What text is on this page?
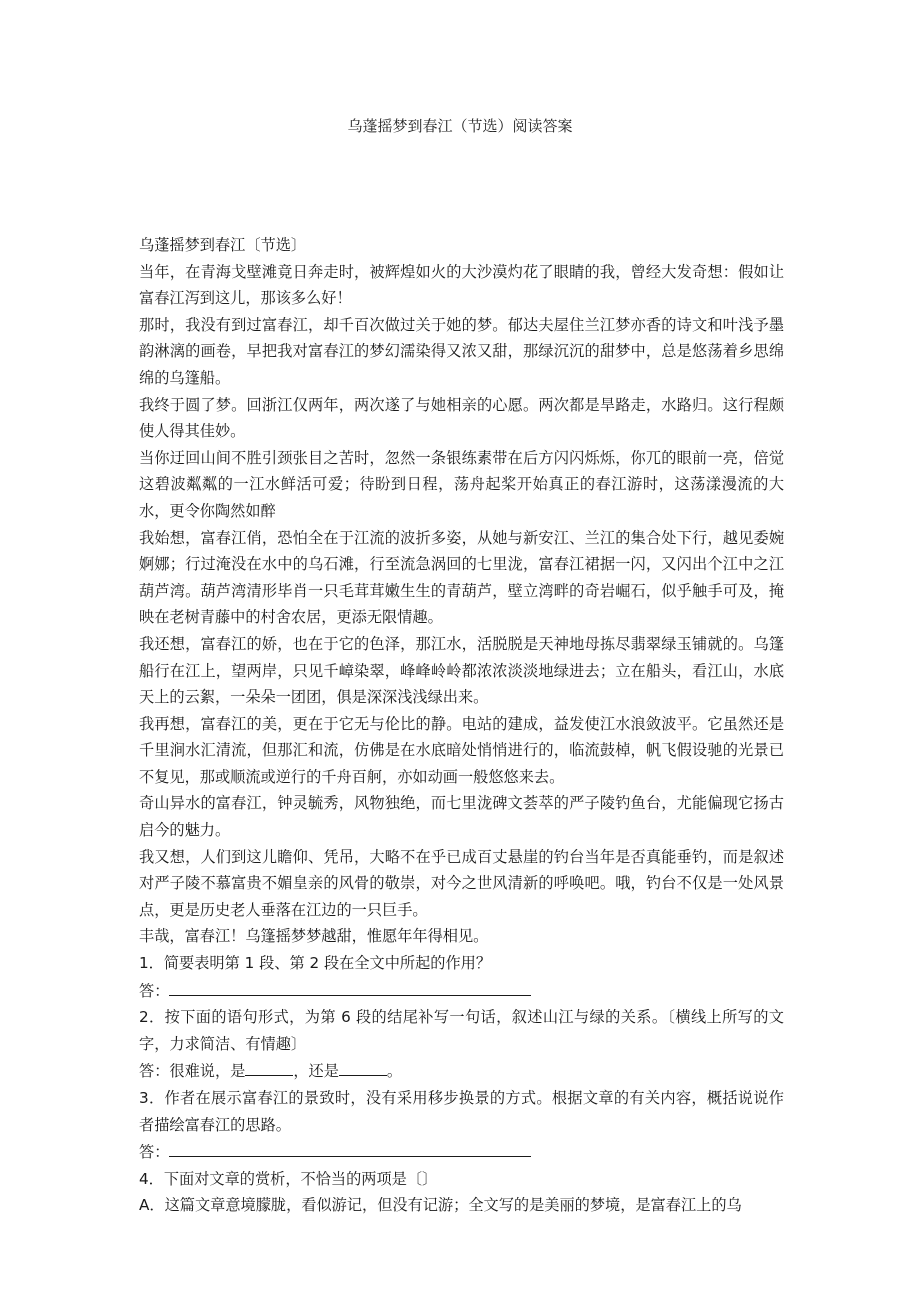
乌蓬摇梦到春江（节选）阅读答案

乌蓬摇梦到春江〔节选〕

当年，在青海戈壁滩竟日奔走时，被辉煌如火的大沙漠灼花了眼睛的我，曾经大发奇想：假如让富春江泻到这儿，那该多么好！

那时，我没有到过富春江，却千百次做过关于她的梦。郁达夫屋住兰江梦亦香的诗文和叶浅予墨韵淋漓的画卷，早把我对富春江的梦幻濡染得又浓又甜，那绿沉沉的甜梦中，总是悠荡着乡思绵绵的乌篷船。

我终于圆了梦。回浙江仅两年，两次遂了与她相亲的心愿。两次都是旱路走，水路归。这行程颇使人得其佳妙。

当你迂回山间不胜引颈张目之苦时，忽然一条银练素带在后方闪闪烁烁，你兀的眼前一亮，倍觉这碧波粼粼的一江水鲜活可爱；待盼到日程，荡舟起桨开始真正的春江游时，这荡漾漫流的大水，更令你陶然如醉

我始想，富春江俏，恐怕全在于江流的波折多姿，从她与新安江、兰江的集合处下行，越见委婉婀娜；行过淹没在水中的乌石滩，行至流急涡回的七里泷，富春江裙据一闪，又闪出个江中之江葫芦湾。葫芦湾清形毕肖一只毛茸茸嫩生生的青葫芦，壁立湾畔的奇岩崛石，似乎触手可及，掩映在老树青藤中的村舍农居，更添无限情趣。

我还想，富春江的娇，也在于它的色泽，那江水，活脱脱是天神地母拣尽翡翠绿玉铺就的。乌篷船行在江上，望两岸，只见千嶂染翠，峰峰岭岭都浓浓淡淡地绿进去；立在船头，看江山，水底天上的云絮，一朵朵一团团，俱是深深浅浅绿出来。

我再想，富春江的美，更在于它无与伦比的静。电站的建成，益发使江水浪敛波平。它虽然还是千里涧水汇清流，但那汇和流，仿佛是在水底暗处悄悄进行的，临流鼓棹，帆飞假设驰的光景已不复见，那或顺流或逆行的千舟百舸，亦如动画一般悠悠来去。

奇山异水的富春江，钟灵毓秀，风物独绝，而七里泷碑文荟萃的严子陵钓鱼台，尤能偏现它扬古启今的魅力。

我又想，人们到这儿瞻仰、凭吊，大略不在乎已成百丈悬崖的钓台当年是否真能垂钓，而是叙述对严子陵不慕富贵不媚皇亲的风骨的敬崇，对今之世风清新的呼唤吧。哦，钓台不仅是一处风景点，更是历史老人垂落在江边的一只巨手。

丰哉，富春江！乌篷摇梦梦越甜，惟愿年年得相见。

1．简要表明第 1 段、第 2 段在全文中所起的作用？

答：

2．按下面的语句形式，为第 6 段的结尾补写一句话，叙述山江与绿的关系。〔横线上所写的文字，力求简洁、有情趣〕

答：很难说，是	，还是	。

3．作者在展示富春江的景致时，没有采用移步换景的方式。根据文章的有关内容，概括说说作者描绘富春江的思路。

答：

4．下面对文章的赏析，不恰当的两项是〔〕

A．这篇文章意境朦胧，看似游记，但没有记游；全文写的是美丽的梦境，是富春江上的乌
